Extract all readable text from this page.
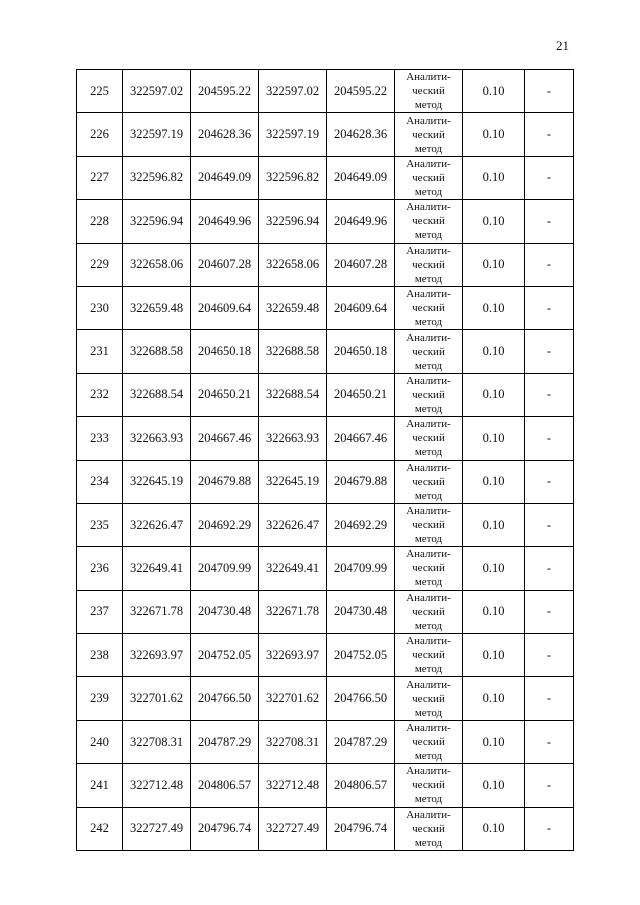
21
225	322597.02	204595.22	322597.02	204595.22	Аналити-
ческий
метод	0.10	-
226	322597.19	204628.36	322597.19	204628.36	Аналити-
ческий
метод	0.10	-
227	322596.82	204649.09	322596.82	204649.09	Аналити-
ческий
метод	0.10	-
228	322596.94	204649.96	322596.94	204649.96	Аналити-
ческий
метод	0.10	-
229	322658.06	204607.28	322658.06	204607.28	Аналити-
ческий
метод	0.10	-
230	322659.48	204609.64	322659.48	204609.64	Аналити-
ческий
метод	0.10	-
231	322688.58	204650.18	322688.58	204650.18	Аналити-
ческий
метод	0.10	-
232	322688.54	204650.21	322688.54	204650.21	Аналити-
ческий
метод	0.10	-
233	322663.93	204667.46	322663.93	204667.46	Аналити-
ческий
метод	0.10	-
234	322645.19	204679.88	322645.19	204679.88	Аналити-
ческий
метод	0.10	-
235	322626.47	204692.29	322626.47	204692.29	Аналити-
ческий
метод	0.10	-
236	322649.41	204709.99	322649.41	204709.99	Аналити-
ческий
метод	0.10	-
237	322671.78	204730.48	322671.78	204730.48	Аналити-
ческий
метод	0.10	-
238	322693.97	204752.05	322693.97	204752.05	Аналити-
ческий
метод	0.10	-
239	322701.62	204766.50	322701.62	204766.50	Аналити-
ческий
метод	0.10	-
240	322708.31	204787.29	322708.31	204787.29	Аналити-
ческий
метод	0.10	-
241	322712.48	204806.57	322712.48	204806.57	Аналити-
ческий
метод	0.10	-
242	322727.49	204796.74	322727.49	204796.74	Аналити-
ческий
метод	0.10	-
